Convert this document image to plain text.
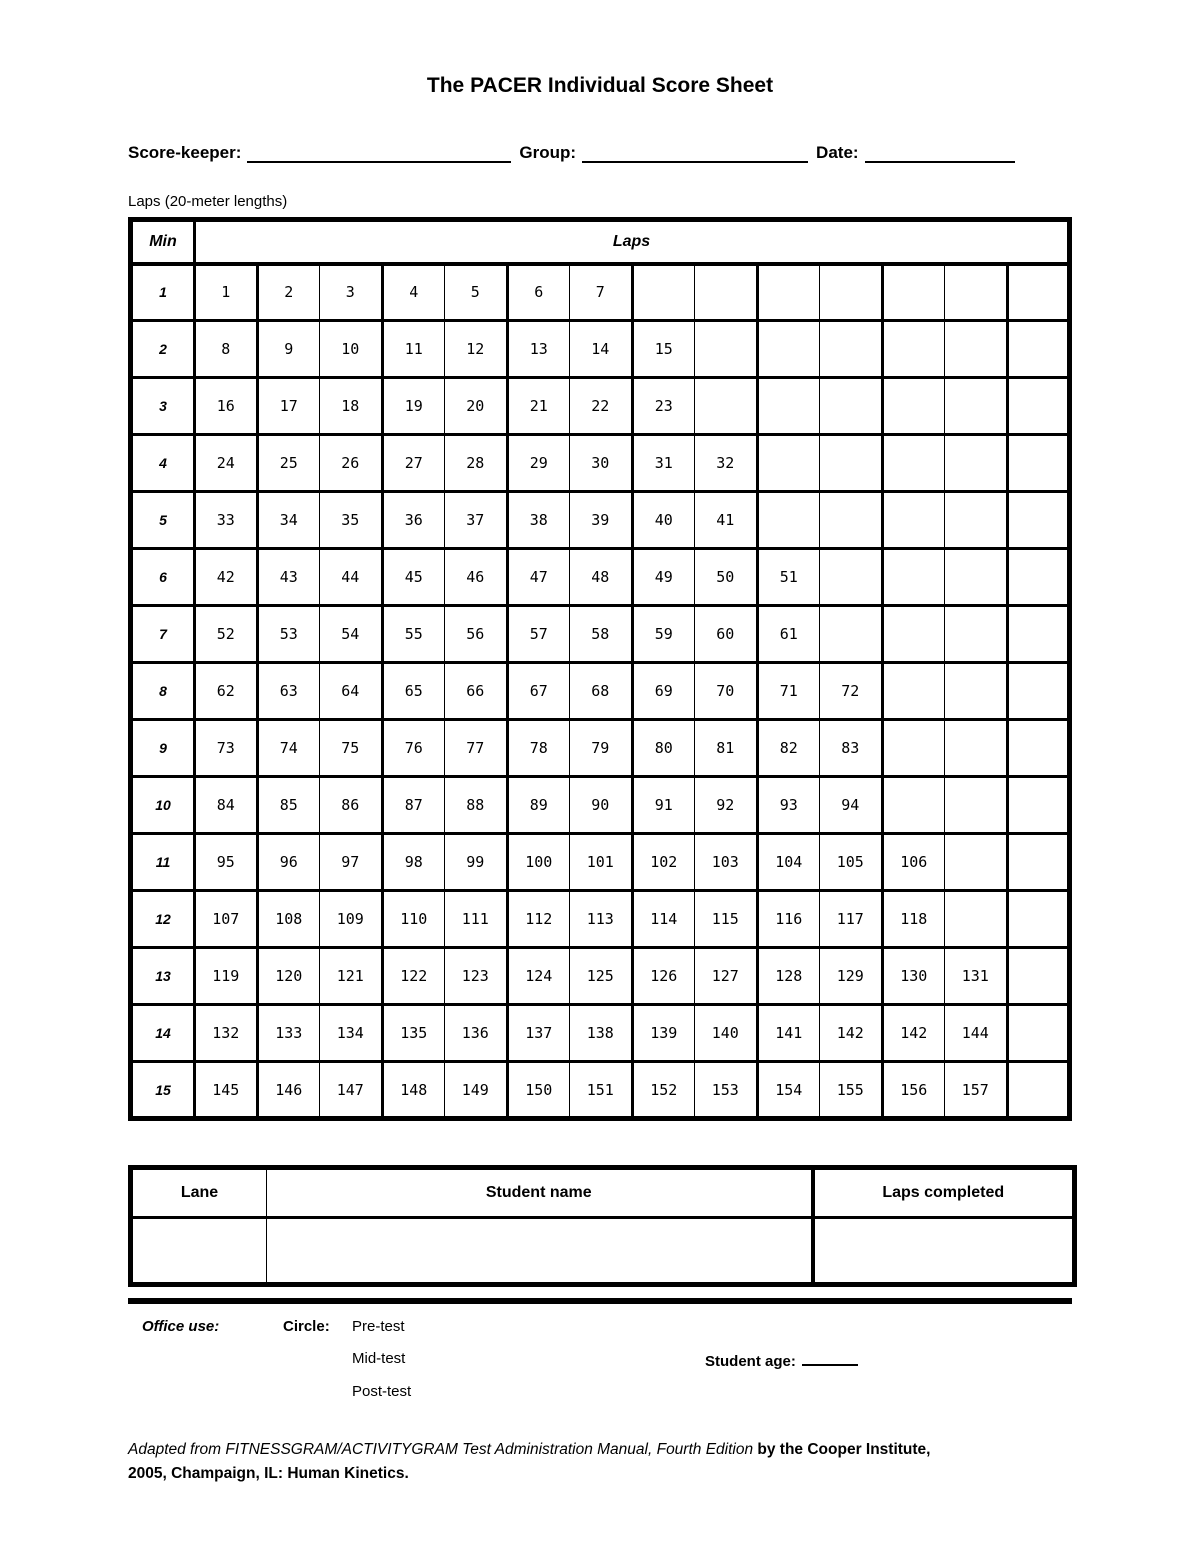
The PACER Individual Score Sheet
Score-keeper:	Group:	Date:
Laps (20-meter lengths)
Min	Laps													
1	1	2	3	4	5	6	7							
2	8	9	10	11	12	13	14	15						
3	16	17	18	19	20	21	22	23						
4	24	25	26	27	28	29	30	31	32					
5	33	34	35	36	37	38	39	40	41					
6	42	43	44	45	46	47	48	49	50	51				
7	52	53	54	55	56	57	58	59	60	61				
8	62	63	64	65	66	67	68	69	70	71	72			
9	73	74	75	76	77	78	79	80	81	82	83			
10	84	85	86	87	88	89	90	91	92	93	94			
11	95	96	97	98	99	100	101	102	103	104	105	106		
12	107	108	109	110	111	112	113	114	115	116	117	118		
13	119	120	121	122	123	124	125	126	127	128	129	130	131	
14	132	133	134	135	136	137	138	139	140	141	142	142	144	
15	145	146	147	148	149	150	151	152	153	154	155	156	157	
Lane	Student name	Laps completed

Office use:	Circle: Pre-test
Mid-test
Post-test
Student age:

Adapted from FITNESSGRAM/ACTIVITYGRAM Test Administration Manual, Fourth Edition by the Cooper Institute,
2005, Champaign, IL: Human Kinetics.
